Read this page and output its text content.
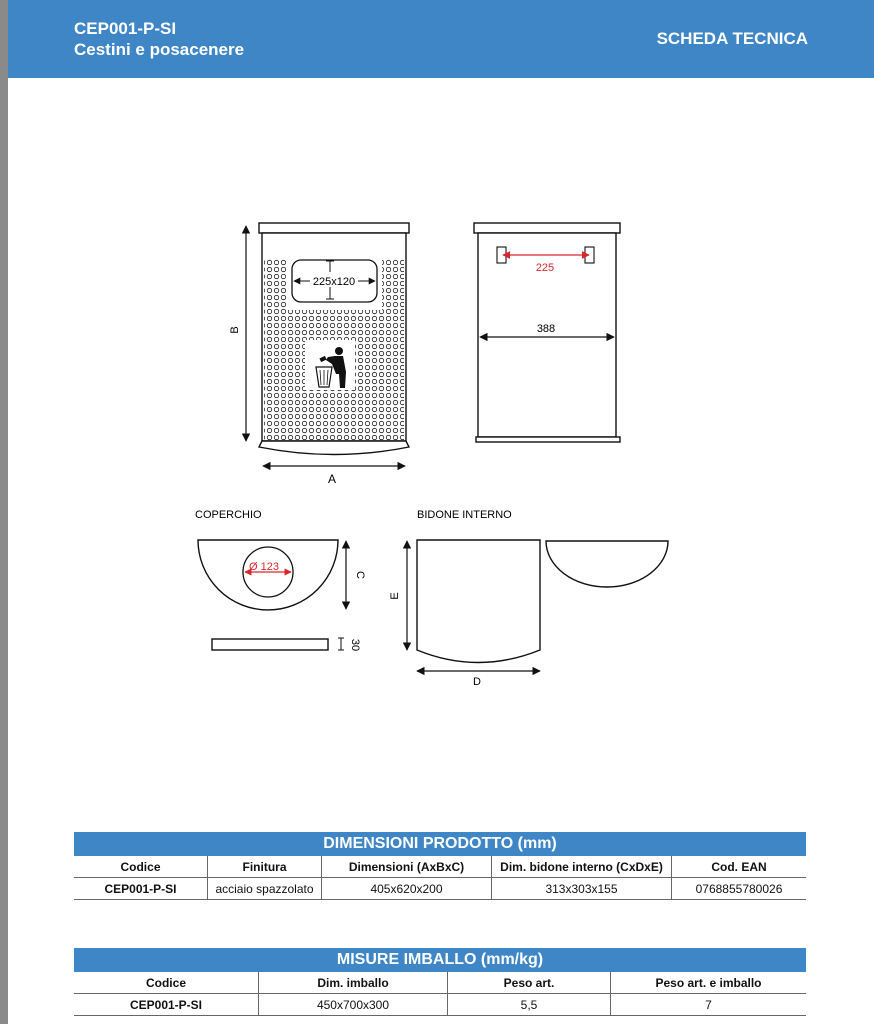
CEP001-P-SI
Cestini e posacenere
SCHEDA TECNICA
225x120
B
A
225
388
COPERCHIO
Ø 123
C
30
BIDONE INTERNO
E
D
DIMENSIONI PRODOTTO (mm)				
Codice	Finitura	Dimensioni (AxBxC)	Dim. bidone interno (CxDxE)	Cod. EAN
CEP001-P-SI	acciaio spazzolato	405x620x200	313x303x155	0768855780026
MISURE IMBALLO (mm/kg)			
Codice	Dim. imballo	Peso art.	Peso art. e imballo
CEP001-P-SI	450x700x300	5,5	7
